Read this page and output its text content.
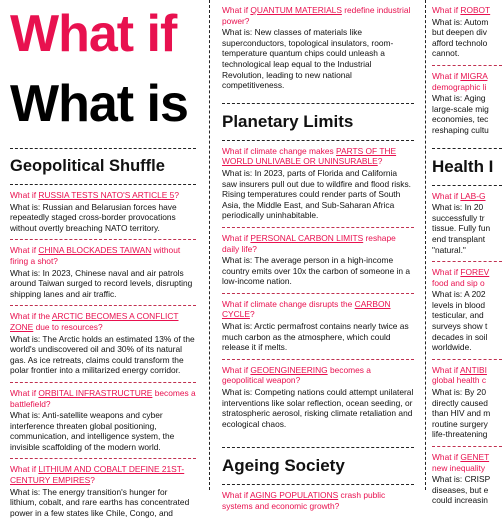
What if
What is
Geopolitical Shuffle
What if RUSSIA TESTS NATO'S ARTICLE 5?
What is: Russian and Belarusian forces have repeatedly staged cross-border provocations without overtly breaching NATO territory.
What if CHINA BLOCKADES TAIWAN without firing a shot?
What is: In 2023, Chinese naval and air patrols around Taiwan surged to record levels, disrupting shipping lanes and air traffic.
What if the ARCTIC BECOMES A CONFLICT ZONE due to resources?
What is: The Arctic holds an estimated 13% of the world's undiscovered oil and 30% of its natural gas. As ice retreats, claims could transform the polar frontier into a militarized energy corridor.
What if ORBITAL INFRASTRUCTURE becomes a battlefield?
What is: Anti-satellite weapons and cyber interference threaten global positioning, communication, and intelligence system, the invisible scaffolding of the modern world.
What if LITHIUM AND COBALT DEFINE 21ST-CENTURY EMPIRES?
What is: The energy transition's hunger for lithium, cobalt, and rare earths has concentrated power in a few states like Chile, Congo, and
What if QUANTUM MATERIALS redefine industrial power?
What is: New classes of materials like superconductors, topological insulators, room-temperature quantum chips could unleash a technological leap equal to the Industrial Revolution, leading to new national competitiveness.
Planetary Limits
What if climate change makes PARTS OF THE WORLD UNLIVABLE OR UNINSURABLE?
What is: In 2023, parts of Florida and California saw insurers pull out due to wildfire and flood risks. Rising temperatures could render parts of South Asia, the Middle East, and Sub-Saharan Africa periodically uninhabitable.
What if PERSONAL CARBON LIMITS reshape daily life?
What is: The average person in a high-income country emits over 10x the carbon of someone in a low-income nation.
What if climate change disrupts the CARBON CYCLE?
What is: Arctic permafrost contains nearly twice as much carbon as the atmosphere, which could release it if melts.
What if GEOENGINEERING becomes a geopolitical weapon?
What is: Competing nations could attempt unilateral interventions like solar reflection, ocean seeding, or stratospheric aerosol, risking climate retaliation and ecological chaos.
Ageing Society
What if AGING POPULATIONS crash public systems and economic growth?
What if ROBOT
What is: Autom but deepen div afford technolo cannot.
What if MIGRA demographic li
What is: Aging large-scale mig economies, tec reshaping cultu
Health I
What if LAB-G
What is: In 20 successfully tr tissue. Fully fun end transplant "natural."
What if FOREV food and sip o
What is: A 202 levels in blood testicular, and surveys show t decades in soil worldwide.
What if ANTIBI global health c
What is: By 20 directly caused than HIV and m routine surgery life-threatening
What if GENET new inequality
What is: CRISP diseases, but e could increasin
